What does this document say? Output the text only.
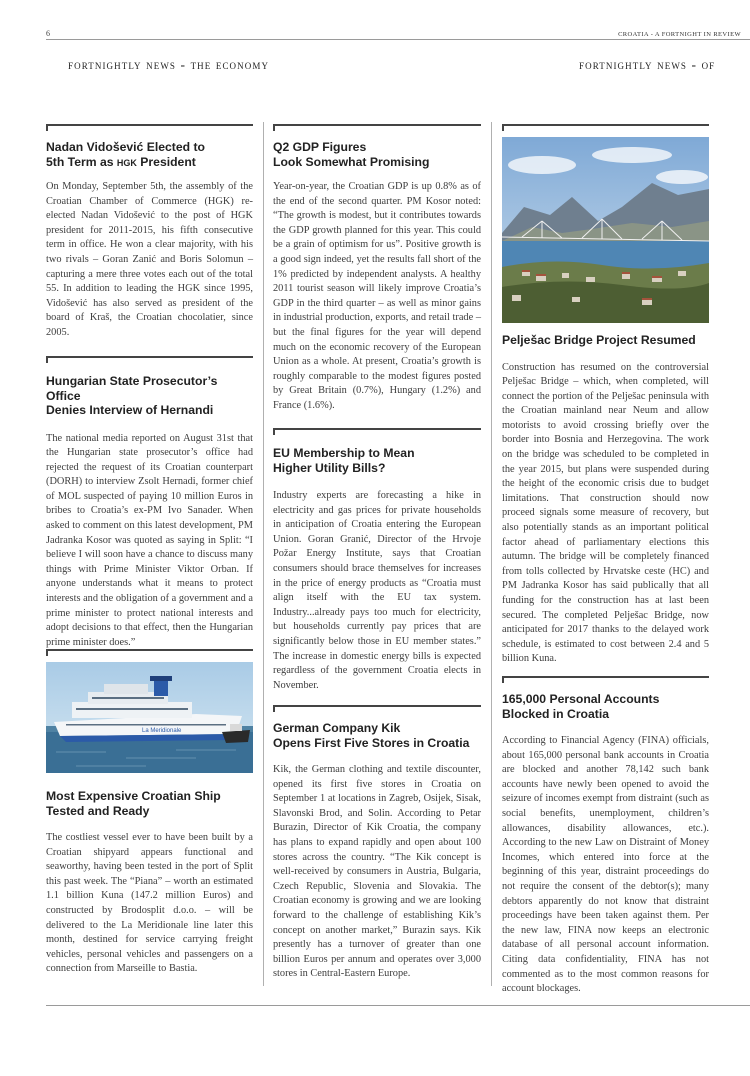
6	CROATIA - A FORTNIGHT IN REVIEW
fortnightly news - the economy	fortnightly news - of
Nadan Vidošević Elected to
5th Term as hgk President

On Monday, September 5th, the assembly of the Croatian Chamber of Commerce (HGK) re-elected Nadan Vidošević to the post of HGK president for 2011-2015, his fifth consecutive term in office. He won a clear majority, with his two rivals – Goran Zanić and Boris Solomun – capturing a mere three votes each out of the total 55. In addition to leading the HGK since 1995, Vidošević has also served as president of the board of Kraš, the Croatian chocolatier, since 2005.

Hungarian State Prosecutor’s Office
Denies Interview of Hernandi

The national media reported on August 31st that the Hungarian state prosecutor’s office had rejected the request of its Croatian counterpart (DORH) to interview Zsolt Hernadi, former chief of MOL suspected of paying 10 million Euros in bribes to Croatia’s ex-PM Ivo Sanader. When asked to comment on this latest development, PM Jadranka Kosor was quoted as saying in Split: “I believe I will soon have a chance to discuss many things with Prime Minister Viktor Orban. If anyone understands what it means to protect interests and the obligation of a government and a prime minister to protect national interests and adopt decisions to that effect, then the Hungarian prime minister does.”

La Meridionale
Most Expensive Croatian Ship
Tested and Ready

The costliest vessel ever to have been built by a Croatian shipyard appears functional and seaworthy, having been tested in the port of Split this past week. The “Piana” – worth an estimated 1.1 billion Kuna (147.2 million Euros) and constructed by Brodosplit d.o.o. – will be delivered to the La Meridionale line later this month, destined for service carrying freight vehicles, personal vehicles and passengers on a connection from Marseille to Bastia.

Q2 GDP Figures
Look Somewhat Promising

Year-on-year, the Croatian GDP is up 0.8% as of the end of the second quarter. PM Kosor noted: “The growth is modest, but it contributes towards the GDP growth planned for this year. This could be a grain of optimism for us”. Positive growth is a good sign indeed, yet the results fall short of the 1% predicted by independent analysts. A healthy 2011 tourist season will likely improve Croatia’s GDP in the third quarter – as well as minor gains in industrial production, exports, and retail trade – but the final figures for the year will depend much on the economic recovery of the European Union as a whole. At present, Croatia’s growth is roughly comparable to the modest figures posted by Great Britain (0.7%), Hungary (1.2%) and France (1.6%).

EU Membership to Mean
Higher Utility Bills?

Industry experts are forecasting a hike in electricity and gas prices for private households in anticipation of Croatia entering the European Union. Goran Granić, Director of the Hrvoje Požar Energy Institute, says that Croatian consumers should brace themselves for increases in the price of energy products as “Croatia must align itself with the EU tax system. Industry...already pays too much for electricity, but households currently pay prices that are significantly below those in EU member states.” The increase in domestic energy bills is expected regardless of the government Croatia elects in November.

German Company Kik
Opens First Five Stores in Croatia

Kik, the German clothing and textile discounter, opened its first five stores in Croatia on September 1 at locations in Zagreb, Osijek, Sisak, Slavonski Brod, and Solin. According to Petar Burazin, Director of Kik Croatia, the company has plans to expand rapidly and open about 100 stores across the country. “The Kik concept is well-received by consumers in Austria, Bulgaria, Czech Republic, Slovenia and Slovakia. The Croatian economy is growing and we are looking forward to the challenge of establishing Kik’s concept on another market,” Burazin says. Kik presently has a turnover of greater than one billion Euros per annum and operates over 3,000 stores in Central-Eastern Europe.

Pelješac Bridge Project Resumed

Construction has resumed on the controversial Pelješac Bridge – which, when completed, will connect the portion of the Pelješac peninsula with the Croatian mainland near Neum and allow motorists to avoid crossing briefly over the border into Bosnia and Herzegovina. The work on the bridge was scheduled to be completed in the year 2015, but plans were suspended during the height of the economic crisis due to budget limitations. That construction should now proceed signals some measure of recovery, but also potentially stands as an important political factor ahead of parliamentary elections this autumn. The bridge will be completely financed from tolls collected by Hrvatske ceste (HC) and PM Jadranka Kosor has said publically that all funding for the construction has at last been secured. The completed Pelješac Bridge, now anticipated for 2017 thanks to the delayed work schedule, is estimated to cost between 2.4 and 5 billion Kuna.

165,000 Personal Accounts
Blocked in Croatia

According to Financial Agency (FINA) officials, about 165,000 personal bank accounts in Croatia are blocked and another 78,142 such bank accounts have newly been opened to avoid the seizure of incomes exempt from distraint (such as social benefits, unemployment, children’s allowances, disability allowances, etc.). According to the new Law on Distraint of Money Incomes, which entered into force at the beginning of this year, distraint proceedings do not require the consent of the debtor(s); many debtors apparently do not know that distraint proceedings have been taken against them. Per the new law, FINA now keeps an electronic database of all personal account information. Citing data confidentiality, FINA has not commented as to the most common reasons for account blockages.
